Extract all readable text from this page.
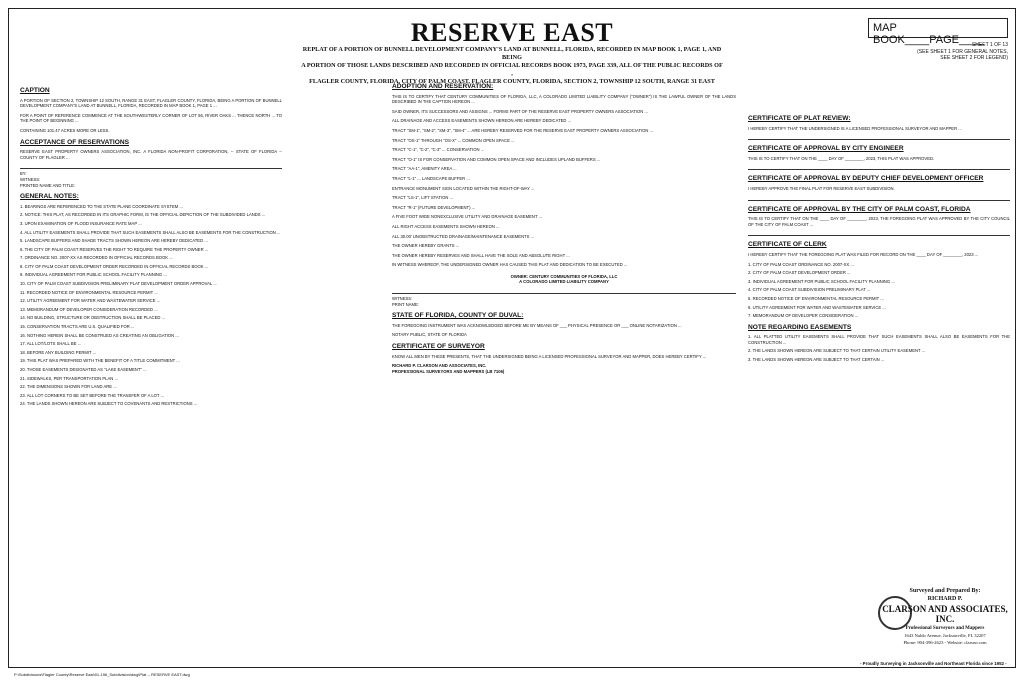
RESERVE EAST
REPLAT OF A PORTION OF BUNNELL DEVELOPMENT COMPANY'S LAND AT BUNNELL, FLORIDA, RECORDED IN MAP BOOK 1, PAGE 1, AND BEING
A PORTION OF THOSE LANDS DESCRIBED AND RECORDED IN OFFICIAL RECORDS BOOK 1973, PAGE 339, ALL OF THE PUBLIC RECORDS OF ,
FLAGLER COUNTY, FLORIDA, CITY OF PALM COAST, FLAGLER COUNTY, FLORIDA, SECTION 2, TOWNSHIP 12 SOUTH, RANGE 31 EAST
MAP BOOK____PAGE____
SHEET 1 OF 13
(SEE SHEET 1 FOR GENERAL NOTES,
SEE SHEET 2 FOR LEGEND)
CAPTION

A PORTION OF SECTION 2, TOWNSHIP 12 SOUTH, RANGE 31 EAST, FLAGLER COUNTY, FLORIDA, BEING A PORTION OF BUNNELL DEVELOPMENT COMPANY'S LAND AT BUNNELL, FLORIDA, RECORDED IN MAP BOOK 1, PAGE 1 ...

FOR A POINT OF REFERENCE COMMENCE AT THE SOUTHWESTERLY CORNER OF LOT 56, RIVER OAKS ... THENCE NORTH ... TO THE POINT OF BEGINNING ...

CONTAINING 101.47 ACRES MORE OR LESS.

ACCEPTANCE OF RESERVATIONS

RESERVE EAST PROPERTY OWNERS ASSOCIATION, INC. A FLORIDA NON-PROFIT CORPORATION, -- STATE OF FLORIDA -- COUNTY OF FLAGLER ...

BY:
WITNESS:
PRINTED NAME AND TITLE:
GENERAL NOTES:

1. BEARINGS ARE REFERENCED TO THE STATE PLANE COORDINATE SYSTEM ...

2. NOTICE: THIS PLAT, AS RECORDED IN ITS GRAPHIC FORM, IS THE OFFICIAL DEPICTION OF THE SUBDIVIDED LANDS ...

3. UPON EXAMINATION OF FLOOD INSURANCE RATE MAP ...

4. ALL UTILITY EASEMENTS SHALL PROVIDE THAT SUCH EASEMENTS SHALL ALSO BE EASEMENTS FOR THE CONSTRUCTION ...

5. LANDSCAPE BUFFERS AND SHADE TRACTS SHOWN HEREON ARE HEREBY DEDICATED ...

6. THE CITY OF PALM COAST RESERVES THE RIGHT TO REQUIRE THE PROPERTY OWNER ...

7. ORDINANCE NO. 2007-XX AS RECORDED IN OFFICIAL RECORDS BOOK ...

8. CITY OF PALM COAST DEVELOPMENT ORDER RECORDED IN OFFICIAL RECORDS BOOK ...

9. INDIVIDUAL AGREEMENT FOR PUBLIC SCHOOL FACILITY PLANNING ...

10. CITY OF PALM COAST SUBDIVISION PRELIMINARY PLAT DEVELOPMENT ORDER APPROVAL ...

11. RECORDED NOTICE OF ENVIRONMENTAL RESOURCE PERMIT ...

12. UTILITY AGREEMENT FOR WATER AND WASTEWATER SERVICE ...

13. MEMORANDUM OF DEVELOPER CONSIDERATION RECORDED ...

14. NO BUILDING, STRUCTURE OR OBSTRUCTION SHALL BE PLACED ...

15. CONSERVATION TRACTS ARE U.S. QUALIFIED FOR ...

16. NOTHING HEREIN SHALL BE CONSTRUED AS CREATING AN OBLIGATION ...

17. ALL LOT/LOTS SHALL BE ...

18. BEFORE ANY BUILDING PERMIT ...

19. THIS PLAT WAS PREPARED WITH THE BENEFIT OF A TITLE COMMITMENT ...

20. THOSE EASEMENTS DESIGNATED AS "LAKE EASEMENT" ...

21. SIDEWALKS, PER TRANSPORTATION PLAN ...

22. THE DIMENSIONS SHOWN FOR LAND ARE ...

23. ALL LOT CORNERS TO BE SET BEFORE THE TRANSFER OF A LOT ...

24. THE LANDS SHOWN HEREON ARE SUBJECT TO COVENANTS AND RESTRICTIONS ...

ADOPTION AND RESERVATION:

THIS IS TO CERTIFY THAT CENTURY COMMUNITIES OF FLORIDA, LLC, A COLORADO LIMITED LIABILITY COMPANY ("OWNER") IS THE LAWFUL OWNER OF THE LANDS DESCRIBED IN THE CAPTION HEREON ...

SAID OWNER, ITS SUCCESSORS AND ASSIGNS ... FORMS PART OF THE RESERVE EAST PROPERTY OWNERS ASSOCIATION ...

ALL DRAINAGE AND ACCESS EASEMENTS SHOWN HEREON ARE HEREBY DEDICATED ...

TRACT "SM-1", "SM-2", "SM-3", "SM-4" ... ARE HEREBY RESERVED FOR THE RESERVE EAST PROPERTY OWNERS ASSOCIATION ...

TRACT "OS-1" THROUGH "OS-X" ... COMMON OPEN SPACE ...

TRACT "C-1", "C-2", "C-3" ... CONSERVATION ...

TRACT "O-1" IS FOR CONSERVATION AND COMMON OPEN SPACE AND INCLUDES UPLAND BUFFERS ...

TRACT "AA-1", AMENITY AREA ...

TRACT "L-1" ... LANDSCAPE BUFFER ...

ENTRANCE MONUMENT SIGN LOCATED WITHIN THE RIGHT-OF-WAY ...

TRACT "LS-1", LIFT STATION ...

TRACT "R-1" (FUTURE DEVELOPMENT) ...

A FIVE FOOT WIDE NONEXCLUSIVE UTILITY AND DRAINAGE EASEMENT ...

ALL RIGHT ACCESS EASEMENTS SHOWN HEREON ...

ALL 30.00' UNOBSTRUCTED DRAINAGE/MAINTENANCE EASEMENTS ...

THE OWNER HEREBY GRANTS ...

THE OWNER HEREBY RESERVES AND SHALL HAVE THE SOLE AND ABSOLUTE RIGHT ...

IN WITNESS WHEREOF, THE UNDERSIGNED OWNER HAS CAUSED THIS PLAT AND DEDICATION TO BE EXECUTED ...

OWNER: CENTURY COMMUNITIES OF FLORIDA, LLC
A COLORADO LIMITED LIABILITY COMPANY
WITNESS:
PRINT NAME:
STATE OF FLORIDA, COUNTY OF DUVAL:

THE FOREGOING INSTRUMENT WAS ACKNOWLEDGED BEFORE ME BY MEANS OF ___ PHYSICAL PRESENCE OR ___ ONLINE NOTARIZATION ...

NOTARY PUBLIC, STATE OF FLORIDA
CERTIFICATE OF SURVEYOR

KNOW ALL MEN BY THESE PRESENTS, THAT THE UNDERSIGNED BEING A LICENSED PROFESSIONAL SURVEYOR AND MAPPER, DOES HEREBY CERTIFY ...

RICHARD P. CLARSON AND ASSOCIATES, INC.
PROFESSIONAL SURVEYORS AND MAPPERS (LB 7106)
CERTIFICATE OF PLAT REVIEW:

I HEREBY CERTIFY THAT THE UNDERSIGNED IS A LICENSED PROFESSIONAL SURVEYOR AND MAPPER ...

CERTIFICATE OF APPROVAL BY CITY ENGINEER

THIS IS TO CERTIFY THAT ON THE ____ DAY OF ________, 2023, THIS PLAT WAS APPROVED.

CERTIFICATE OF APPROVAL BY DEPUTY CHIEF DEVELOPMENT OFFICER

I HEREBY APPROVE THE FINAL PLAT FOR RESERVE EAST SUBDIVISION.

CERTIFICATE OF APPROVAL BY THE CITY OF PALM COAST, FLORIDA

THIS IS TO CERTIFY THAT ON THE ____ DAY OF ________, 2023, THE FOREGOING PLAT WAS APPROVED BY THE CITY COUNCIL OF THE CITY OF PALM COAST ...

CERTIFICATE OF CLERK

I HEREBY CERTIFY THAT THE FOREGOING PLAT WAS FILED FOR RECORD ON THE ____ DAY OF ________, 2023 ...

1. CITY OF PALM COAST ORDINANCE NO. 2007-XX ...

2. CITY OF PALM COAST DEVELOPMENT ORDER ...

3. INDIVIDUAL AGREEMENT FOR PUBLIC SCHOOL FACILITY PLANNING ...

4. CITY OF PALM COAST SUBDIVISION PRELIMINARY PLAT ...

5. RECORDED NOTICE OF ENVIRONMENTAL RESOURCE PERMIT ...

6. UTILITY AGREEMENT FOR WATER AND WASTEWATER SERVICE ...

7. MEMORANDUM OF DEVELOPER CONSIDERATION ...

NOTE REGARDING EASEMENTS

1. ALL PLATTED UTILITY EASEMENTS SHALL PROVIDE THAT SUCH EASEMENTS SHALL ALSO BE EASEMENTS FOR THE CONSTRUCTION ...

2. THE LANDS SHOWN HEREON ARE SUBJECT TO THAT CERTAIN UTILITY EASEMENT ...

3. THE LANDS SHOWN HEREON ARE SUBJECT TO THAT CERTAIN ...

Surveyed and Prepared By:
RICHARD P.
CLARSON AND ASSOCIATES, INC.
Professional Surveyors and Mappers
1643 Naldo Avenue, Jacksonville, FL 32207
Phone: 904-396-2623 - Website: clarson.com
- Proudly Surveying in Jacksonville and Northeast Florida since 1952 -
P:\Subdivisions\Flagler County\Reserve East\01-196_Subdivision\dwg\Plat -- RESERVE EAST.dwg
